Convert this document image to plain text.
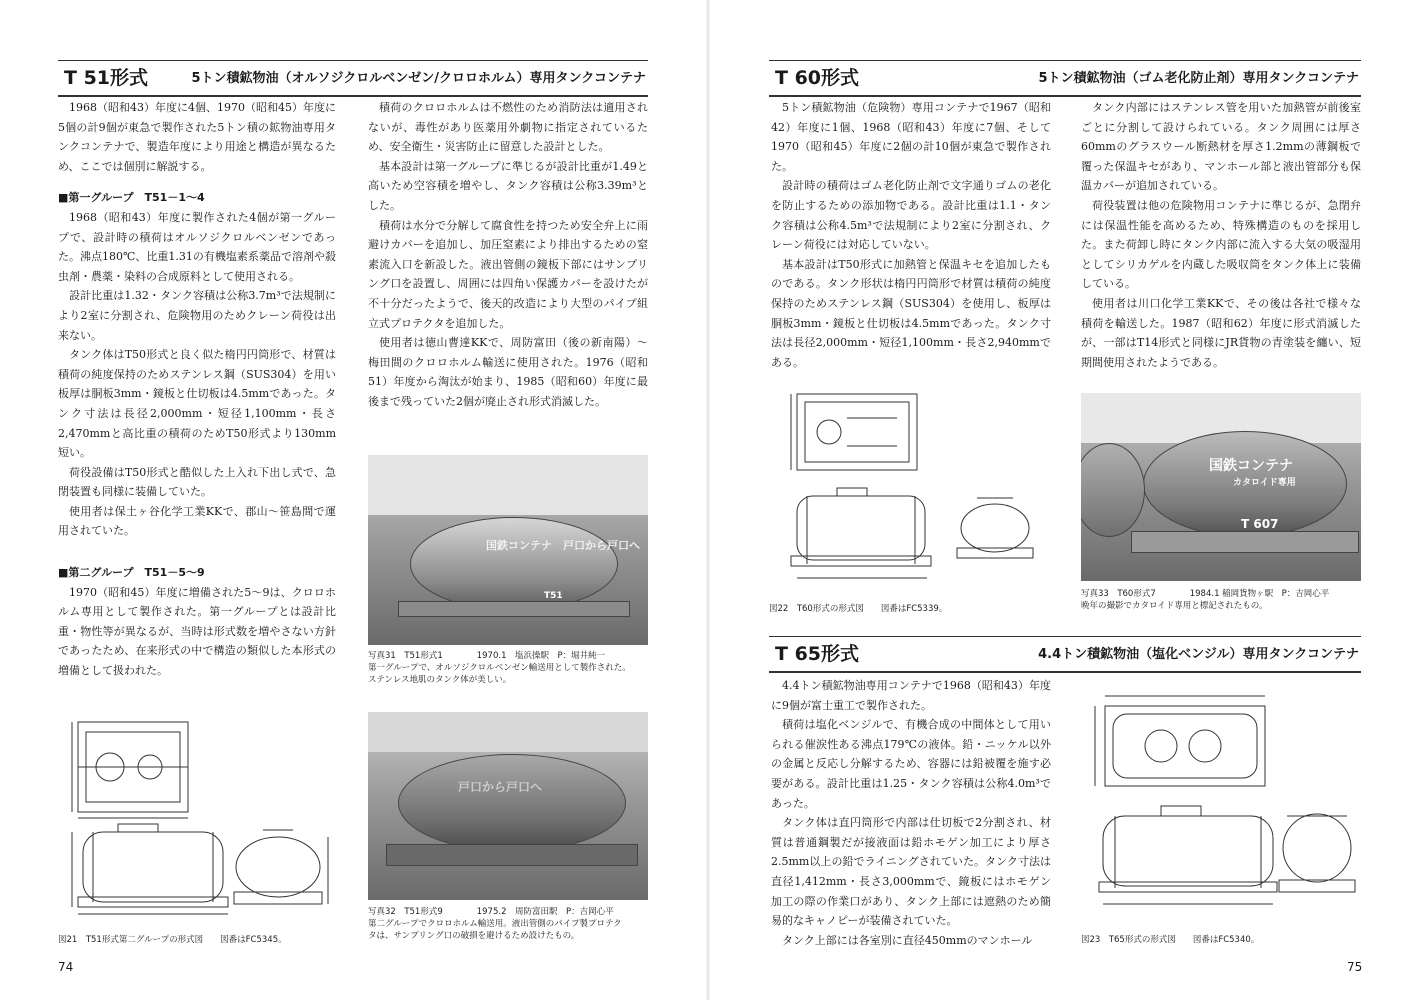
T 51形式	5トン積鉱物油（オルソジクロルベンゼン/クロロホルム）専用タンクコンテナ

1968（昭和43）年度に4個、1970（昭和45）年度に5個の計9個が東急で製作された5トン積の鉱物油専用タンクコンテナで、製造年度により用途と構造が異なるため、ここでは個別に解説する。

■第一グループ　T51－1～4

1968（昭和43）年度に製作された4個が第一グループで、設計時の積荷はオルソジクロルベンゼンであった。沸点180℃、比重1.31の有機塩素系薬品で溶剤や殺虫剤・農薬・染料の合成原料として使用される。

設計比重は1.32・タンク容積は公称3.7m³で法規制により2室に分割され、危険物用のためクレーン荷役は出来ない。

タンク体はT50形式と良く似た楕円円筒形で、材質は積荷の純度保持のためステンレス鋼（SUS304）を用い板厚は胴板3mm・鏡板と仕切板は4.5mmであった。タンク寸法は長径2,000mm・短径1,100mm・長さ2,470mmと高比重の積荷のためT50形式より130mm短い。

荷役設備はT50形式と酷似した上入れ下出し式で、急閉装置も同様に装備していた。

使用者は保土ヶ谷化学工業KKで、郡山～笹島間で運用されていた。

■第二グループ　T51－5～9

1970（昭和45）年度に増備された5～9は、クロロホルム専用として製作された。第一グループとは設計比重・物性等が異なるが、当時は形式数を増やさない方針であったため、在来形式の中で構造の類似した本形式の増備として扱われた。

積荷のクロロホルムは不燃性のため消防法は適用されないが、毒性があり医薬用外劇物に指定されているため、安全衛生・災害防止に留意した設計とした。

基本設計は第一グループに準じるが設計比重が1.49と高いため空容積を増やし、タンク容積は公称3.39m³とした。

積荷は水分で分解して腐食性を持つため安全弁上に雨避けカバーを追加し、加圧窒素により排出するための窒素流入口を新設した。液出管側の鏡板下部にはサンプリング口を設置し、周囲には四角い保護カバーを設けたが不十分だったようで、後天的改造により大型のパイプ組立式プロテクタを追加した。

使用者は徳山曹達KKで、周防富田（後の新南陽）～梅田間のクロロホルム輸送に使用された。1976（昭和51）年度から淘汰が始まり、1985（昭和60）年度に最後まで残っていた2個が廃止され形式消滅した。

国鉄コンテナ　戸口から戸口へ
T51
写真31　T51形式1　　　　1970.1　塩浜操駅　P：堀井純一
第一グループで、オルソジクロルベンゼン輸送用として製作された。
ステンレス地肌のタンク体が美しい。
戸口から戸口へ
写真32　T51形式9　　　　1975.2　周防富田駅　P：吉岡心平
第二グループでクロロホルム輸送用。液出管側のパイプ製プロテク
タは、サンプリング口の破損を避けるため設けたもの。
図21　T51形式第二グループの形式図　　図番はFC5345。
74
T 60形式	5トン積鉱物油（ゴム老化防止剤）専用タンクコンテナ

5トン積鉱物油（危険物）専用コンテナで1967（昭和42）年度に1個、1968（昭和43）年度に7個、そして1970（昭和45）年度に2個の計10個が東急で製作された。

設計時の積荷はゴム老化防止剤で文字通りゴムの老化を防止するための添加物である。設計比重は1.1・タンク容積は公称4.5m³で法規制により2室に分割され、クレーン荷役には対応していない。

基本設計はT50形式に加熱管と保温キセを追加したものである。タンク形状は楕円円筒形で材質は積荷の純度保持のためステンレス鋼（SUS304）を使用し、板厚は胴板3mm・鏡板と仕切板は4.5mmであった。タンク寸法は長径2,000mm・短径1,100mm・長さ2,940mmである。

タンク内部にはステンレス管を用いた加熱管が前後室ごとに分割して設けられている。タンク周囲には厚さ60mmのグラスウール断熱材を厚さ1.2mmの薄鋼板で覆った保温キセがあり、マンホール部と液出管部分も保温カバーが追加されている。

荷役装置は他の危険物用コンテナに準じるが、急閉弁には保温性能を高めるため、特殊構造のものを採用した。また荷卸し時にタンク内部に流入する大気の吸湿用としてシリカゲルを内蔵した吸収筒をタンク体上に装備している。

使用者は川口化学工業KKで、その後は各社で様々な積荷を輸送した。1987（昭和62）年度に形式消滅したが、一部はT14形式と同様にJR貨物の青塗装を纏い、短期間使用されたようである。

図22　T60形式の形式図　　図番はFC5339。
国鉄コンテナ
カタロイド専用
T 607
写真33　T60形式7　　　　1984.1 稲岡貨物ヶ駅　P：吉岡心平
晩年の撮影でカタロイド専用と標記されたもの。
T 65形式	4.4トン積鉱物油（塩化ベンジル）専用タンクコンテナ

4.4トン積鉱物油専用コンテナで1968（昭和43）年度に9個が富士重工で製作された。

積荷は塩化ベンジルで、有機合成の中間体として用いられる催涙性ある沸点179℃の液体。鉛・ニッケル以外の金属と反応し分解するため、容器には鉛被覆を施す必要がある。設計比重は1.25・タンク容積は公称4.0m³であった。

タンク体は直円筒形で内部は仕切板で2分割され、材質は普通鋼製だが接液面は鉛ホモゲン加工により厚さ2.5mm以上の鉛でライニングされていた。タンク寸法は直径1,412mm・長さ3,000mmで、鏡板にはホモゲン加工の際の作業口があり、タンク上部には遮熱のため簡易的なキャノピーが装備されていた。

タンク上部には各室別に直径450mmのマンホール	図23　T65形式の形式図　　図番はFC5340。
75
